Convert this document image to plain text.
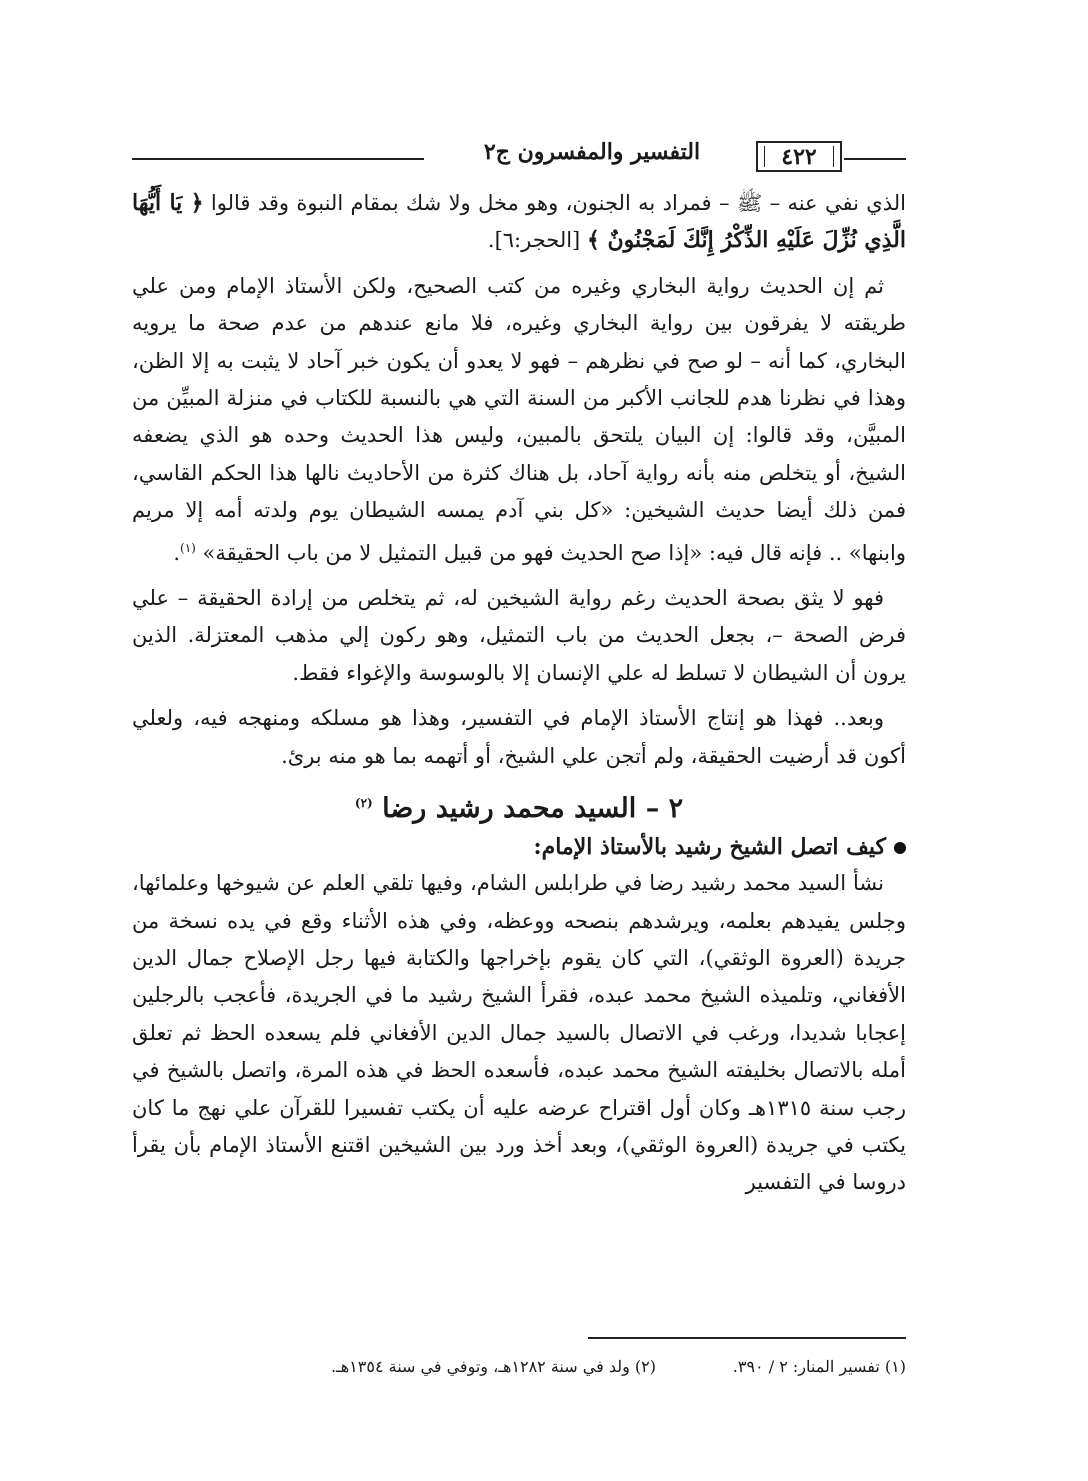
٤٢٢
التفسير والمفسرون ج٢

الذي نفي عنه – ﷺ – فمراد به الجنون، وهو مخل ولا شك بمقام النبوة وقد قالوا ﴿ يَا أَيُّهَا الَّذِي نُزِّلَ عَلَيْهِ الذِّكْرُ إِنَّكَ لَمَجْنُونٌ ﴾ [الحجر:٦].

ثم إن الحديث رواية البخاري وغيره من كتب الصحيح، ولكن الأستاذ الإمام ومن علي طريقته لا يفرقون بين رواية البخاري وغيره، فلا مانع عندهم من عدم صحة ما يرويه البخاري، كما أنه – لو صح في نظرهم – فهو لا يعدو أن يكون خبر آحاد لا يثبت به إلا الظن، وهذا في نظرنا هدم للجانب الأكبر من السنة التي هي بالنسبة للكتاب في منزلة المبيِّن من المبيَّن، وقد قالوا: إن البيان يلتحق بالمبين، وليس هذا الحديث وحده هو الذي يضعفه الشيخ، أو يتخلص منه بأنه رواية آحاد، بل هناك كثرة من الأحاديث نالها هذا الحكم القاسي، فمن ذلك أيضا حديث الشيخين: «كل بني آدم يمسه الشيطان يوم ولدته أمه إلا مريم وابنها» .. فإنه قال فيه: «إذا صح الحديث فهو من قبيل التمثيل لا من باب الحقيقة» $^{(١)}$.

فهو لا يثق بصحة الحديث رغم رواية الشيخين له، ثم يتخلص من إرادة الحقيقة – علي فرض الصحة –، بجعل الحديث من باب التمثيل، وهو ركون إلي مذهب المعتزلة. الذين يرون أن الشيطان لا تسلط له علي الإنسان إلا بالوسوسة والإغواء فقط.

وبعد.. فهذا هو إنتاج الأستاذ الإمام في التفسير، وهذا هو مسلكه ومنهجه فيه، ولعلي أكون قد أرضيت الحقيقة، ولم أتجن علي الشيخ، أو أتهمه بما هو منه برئ.

٢ – السيد محمد رشيد رضا $^{(٢)}$

كيف اتصل الشيخ رشيد بالأستاذ الإمام:

نشأ السيد محمد رشيد رضا في طرابلس الشام، وفيها تلقي العلم عن شيوخها وعلمائها، وجلس يفيدهم بعلمه، ويرشدهم بنصحه ووعظه، وفي هذه الأثناء وقع في يده نسخة من جريدة (العروة الوثقي)، التي كان يقوم بإخراجها والكتابة فيها رجل الإصلاح جمال الدين الأفغاني، وتلميذه الشيخ محمد عبده، فقرأ الشيخ رشيد ما في الجريدة، فأعجب بالرجلين إعجابا شديدا، ورغب في الاتصال بالسيد جمال الدين الأفغاني فلم يسعده الحظ ثم تعلق أمله بالاتصال بخليفته الشيخ محمد عبده، فأسعده الحظ في هذه المرة، واتصل بالشيخ في رجب سنة ١٣١٥هـ وكان أول اقتراح عرضه عليه أن يكتب تفسيرا للقرآن علي نهج ما كان يكتب في جريدة (العروة الوثقي)، وبعد أخذ ورد بين الشيخين اقتنع الأستاذ الإمام بأن يقرأ دروسا في التفسير

(١) تفسير المنار: ٢ / ٣٩٠.
(٢) ولد في سنة ١٢٨٢هـ، وتوفي في سنة ١٣٥٤هـ.
